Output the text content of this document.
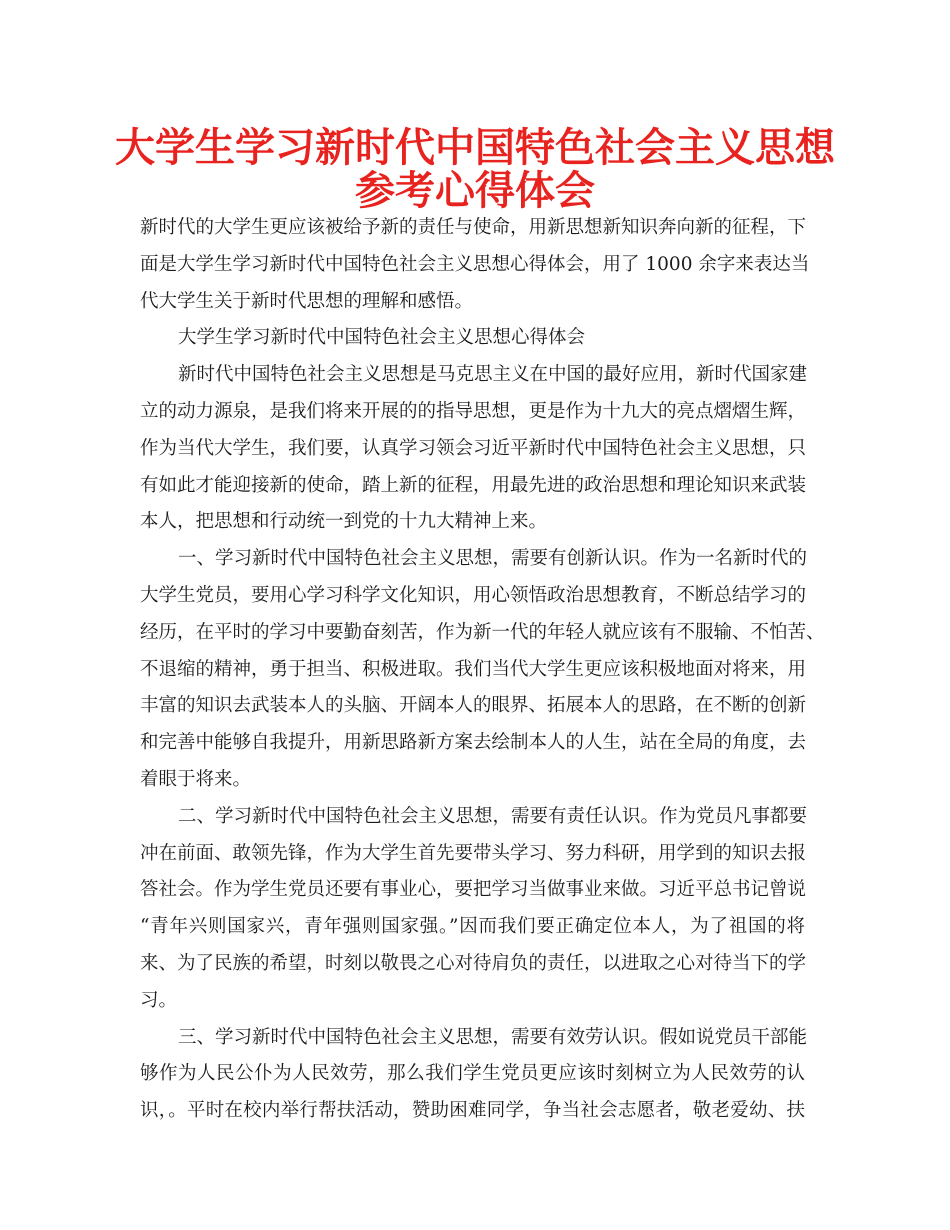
大学生学习新时代中国特色社会主义思想
参考心得体会
新时代的大学生更应该被给予新的责任与使命，用新思想新知识奔向新的征程，下
面是大学生学习新时代中国特色社会主义思想心得体会，用了 1000 余字来表达当
代大学生关于新时代思想的理解和感悟。
大学生学习新时代中国特色社会主义思想心得体会
新时代中国特色社会主义思想是马克思主义在中国的最好应用，新时代国家建
立的动力源泉，是我们将来开展的的指导思想，更是作为十九大的亮点熠熠生辉，
作为当代大学生，我们要，认真学习领会习近平新时代中国特色社会主义思想，只
有如此才能迎接新的使命，踏上新的征程，用最先进的政治思想和理论知识来武装
本人，把思想和行动统一到党的十九大精神上来。
一、学习新时代中国特色社会主义思想，需要有创新认识。作为一名新时代的
大学生党员，要用心学习科学文化知识，用心领悟政治思想教育，不断总结学习的
经历，在平时的学习中要勤奋刻苦，作为新一代的年轻人就应该有不服输、不怕苦、
不退缩的精神，勇于担当、积极进取。我们当代大学生更应该积极地面对将来，用
丰富的知识去武装本人的头脑、开阔本人的眼界、拓展本人的思路，在不断的创新
和完善中能够自我提升，用新思路新方案去绘制本人的人生，站在全局的角度，去
着眼于将来。
二、学习新时代中国特色社会主义思想，需要有责任认识。作为党员凡事都要
冲在前面、敢领先锋，作为大学生首先要带头学习、努力科研，用学到的知识去报
答社会。作为学生党员还要有事业心，要把学习当做事业来做。习近平总书记曾说
“青年兴则国家兴，青年强则国家强。”因而我们要正确定位本人，为了祖国的将
来、为了民族的希望，时刻以敬畏之心对待肩负的责任，以进取之心对待当下的学
习。
三、学习新时代中国特色社会主义思想，需要有效劳认识。假如说党员干部能
够作为人民公仆为人民效劳，那么我们学生党员更应该时刻树立为人民效劳的认
识，。平时在校内举行帮扶活动，赞助困难同学，争当社会志愿者，敬老爱幼、扶
